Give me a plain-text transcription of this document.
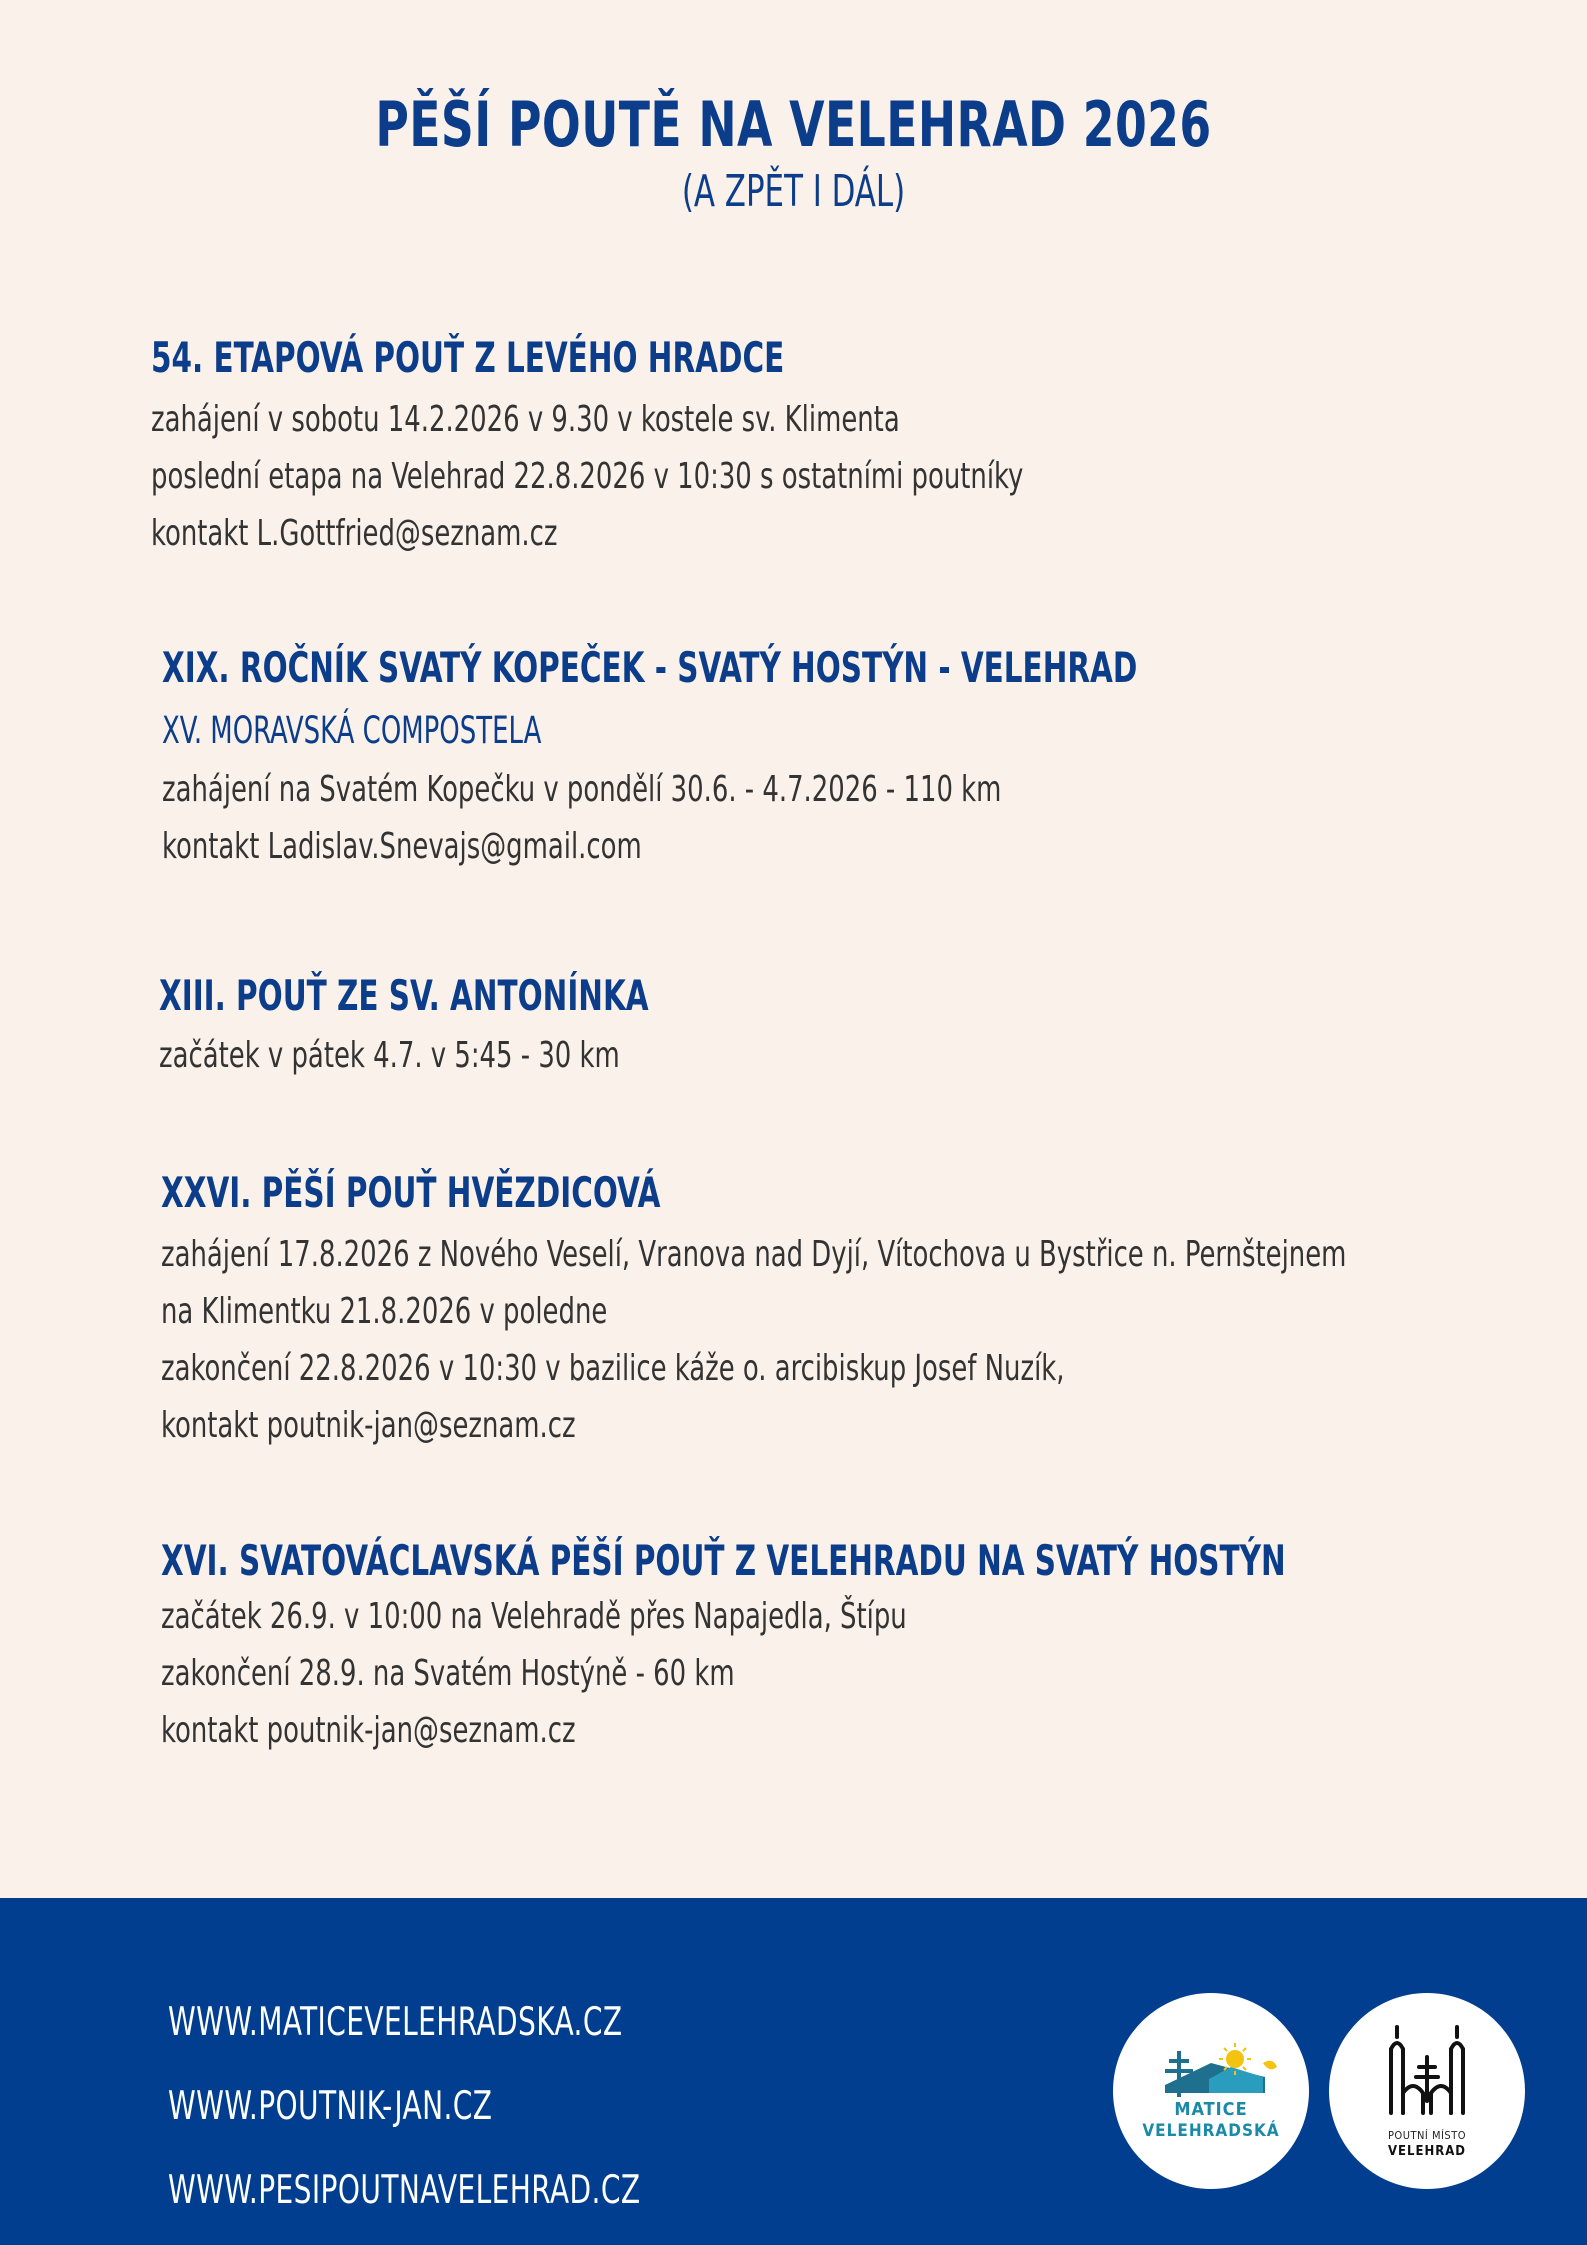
PĚŠÍ POUTĚ NA VELEHRAD 2026
(A ZPĚT I DÁL)
54. ETAPOVÁ POUŤ Z LEVÉHO HRADCE
zahájení v sobotu 14.2.2026 v 9.30 v kostele sv. Klimenta
poslední etapa na Velehrad 22.8.2026 v 10:30 s ostatními poutníky
kontakt L.Gottfried@seznam.cz
XIX. ROČNÍK SVATÝ KOPEČEK - SVATÝ HOSTÝN - VELEHRAD
XV. MORAVSKÁ COMPOSTELA
zahájení na Svatém Kopečku v pondělí 30.6. - 4.7.2026 - 110 km
kontakt Ladislav.Snevajs@gmail.com
XIII. POUŤ ZE SV. ANTONÍNKA
začátek v pátek 4.7. v 5:45 - 30 km
XXVI. PĚŠÍ POUŤ HVĚZDICOVÁ
zahájení 17.8.2026 z Nového Veselí, Vranova nad Dyjí, Vítochova u Bystřice n. Pernštejnem
na Klimentku 21.8.2026 v poledne
zakončení 22.8.2026 v 10:30 v bazilice káže o. arcibiskup Josef Nuzík,
kontakt poutnik-jan@seznam.cz
XVI. SVATOVÁCLAVSKÁ PĚŠÍ POUŤ Z VELEHRADU NA SVATÝ HOSTÝN
začátek 26.9. v 10:00 na Velehradě přes Napajedla, Štípu
zakončení 28.9. na Svatém Hostýně - 60 km
kontakt poutnik-jan@seznam.cz
WWW.MATICEVELEHRADSKA.CZ
WWW.POUTNIK-JAN.CZ
WWW.PESIPOUTNAVELEHRAD.CZ
MATICE
VELEHRADSKÁ	POUTNÍ MÍSTO
VELEHRAD
